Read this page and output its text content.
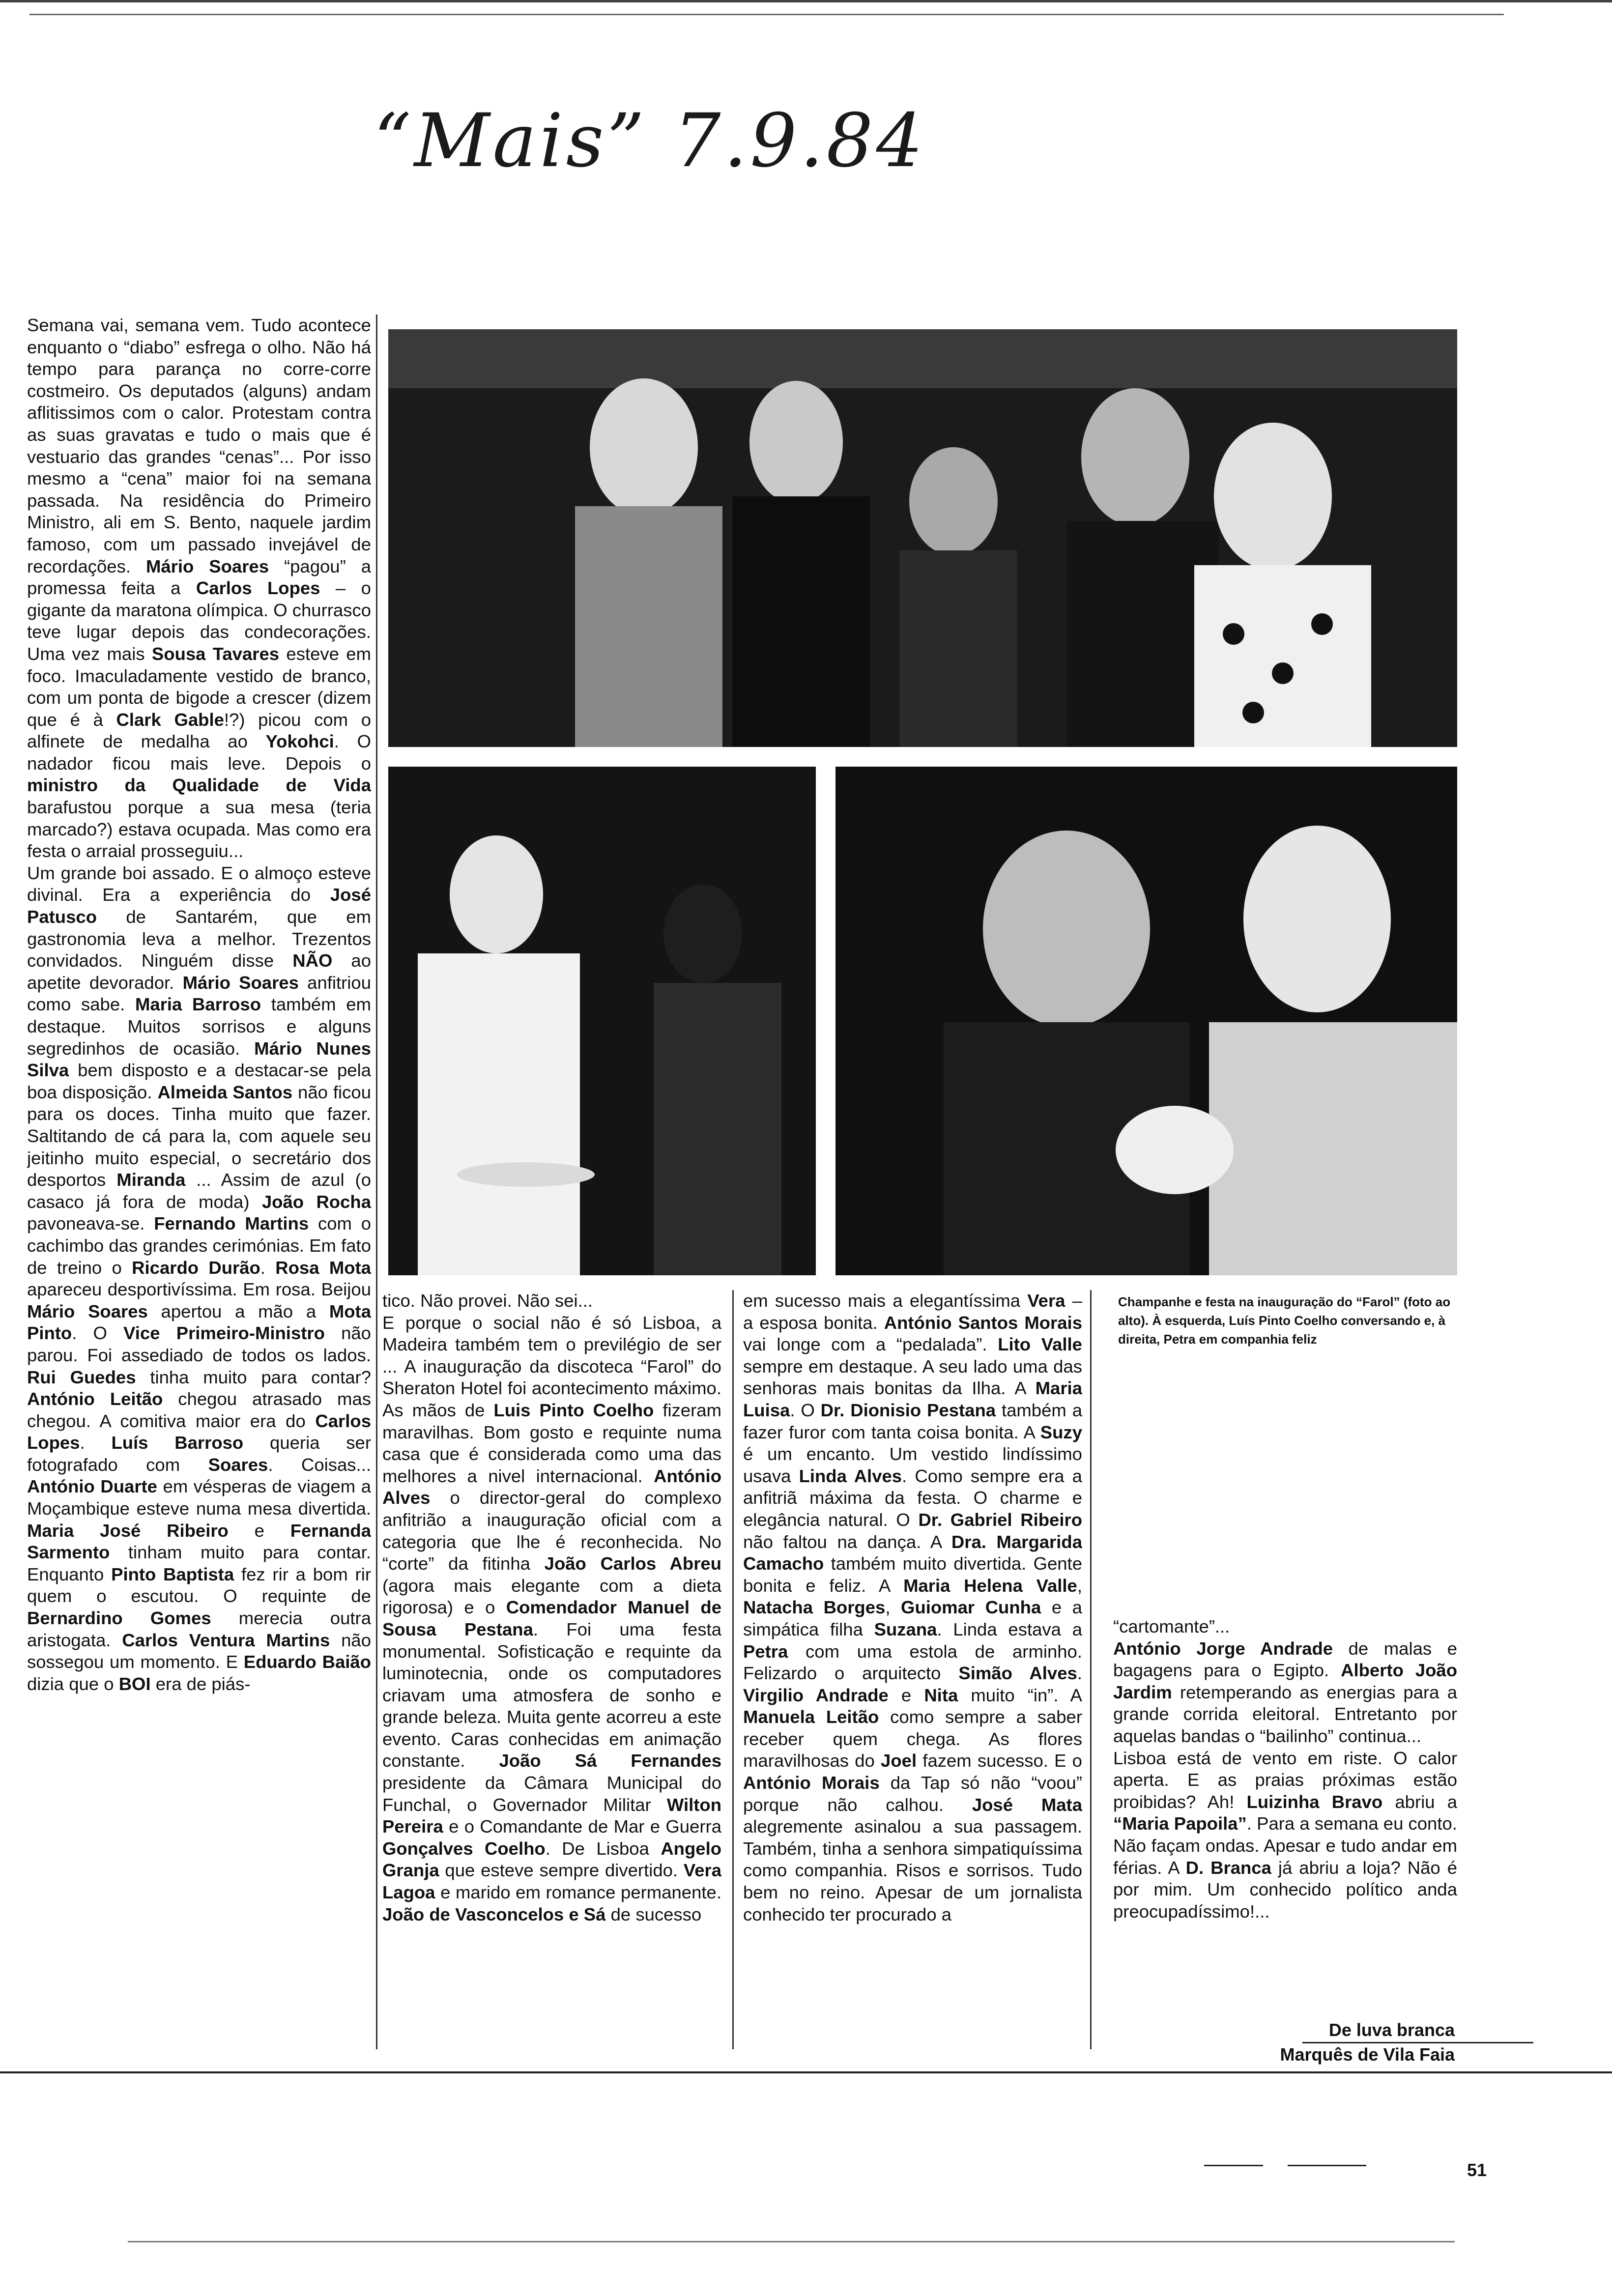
“Mais” 7.9.84
Semana vai, semana vem. Tudo acontece enquanto o “diabo” esfrega o olho. Não há tempo para parança no corre-corre costmeiro. Os deputados (alguns) andam aflitissimos com o calor. Protestam contra as suas gravatas e tudo o mais que é vestuario das grandes “cenas”... Por isso mesmo a “cena” maior foi na semana passada. Na residência do Primeiro Ministro, ali em S. Bento, naquele jardim famoso, com um passado invejável de recordações. Mário Soares “pagou” a promessa feita a Carlos Lopes – o gigante da maratona olímpica. O churrasco teve lugar depois das condecorações. Uma vez mais Sousa Tavares esteve em foco. Imaculadamente vestido de branco, com um ponta de bigode a crescer (dizem que é à Clark Gable!?) picou com o alfinete de medalha ao Yokohci. O nadador ficou mais leve. Depois o ministro da Qualidade de Vida barafustou porque a sua mesa (teria marcado?) estava ocupada. Mas como era festa o arraial prosseguiu...
Um grande boi assado. E o almoço esteve divinal. Era a experiência do José Patusco de Santarém, que em gastronomia leva a melhor. Trezentos convidados. Ninguém disse NÃO ao apetite devorador. Mário Soares anfitriou como sabe. Maria Barroso também em destaque. Muitos sorrisos e alguns segredinhos de ocasião. Mário Nunes Silva bem disposto e a destacar-se pela boa disposição. Almeida Santos não ficou para os doces. Tinha muito que fazer. Saltitando de cá para la, com aquele seu jeitinho muito especial, o secretário dos desportos Miranda ... Assim de azul (o casaco já fora de moda) João Rocha pavoneava-se. Fernando Martins com o cachimbo das grandes cerimónias. Em fato de treino o Ricardo Durão. Rosa Mota apareceu desportivíssima. Em rosa. Beijou Mário Soares apertou a mão a Mota Pinto. O Vice Primeiro-Ministro não parou. Foi assediado de todos os lados. Rui Guedes tinha muito para contar? António Leitão chegou atrasado mas chegou. A comitiva maior era do Carlos Lopes. Luís Barroso queria ser fotografado com Soares. Coisas... António Duarte em vésperas de viagem a Moçambique esteve numa mesa divertida. Maria José Ribeiro e Fernanda Sarmento tinham muito para contar. Enquanto Pinto Baptista fez rir a bom rir quem o escutou. O requinte de Bernardino Gomes merecia outra aristogata. Carlos Ventura Martins não sossegou um momento. E Eduardo Baião dizia que o BOI era de piás-
tico. Não provei. Não sei...
E porque o social não é só Lisboa, a Madeira também tem o previlégio de ser ... A inauguração da discoteca “Farol” do Sheraton Hotel foi acontecimento máximo. As mãos de Luis Pinto Coelho fizeram maravilhas. Bom gosto e requinte numa casa que é considerada como uma das melhores a nivel internacional. António Alves o director-geral do complexo anfitrião a inauguração oficial com a categoria que lhe é reconhecida. No “corte” da fitinha João Carlos Abreu (agora mais elegante com a dieta rigorosa) e o Comendador Manuel de Sousa Pestana. Foi uma festa monumental. Sofisticação e requinte da luminotecnia, onde os computadores criavam uma atmosfera de sonho e grande beleza. Muita gente acorreu a este evento. Caras conhecidas em animação constante. João Sá Fernandes presidente da Câmara Municipal do Funchal, o Governador Militar Wilton Pereira e o Comandante de Mar e Guerra Gonçalves Coelho. De Lisboa Angelo Granja que esteve sempre divertido. Vera Lagoa e marido em romance permanente. João de Vasconcelos e Sá de sucesso
em sucesso mais a elegantíssima Vera – a esposa bonita. António Santos Morais vai longe com a “pedalada”. Lito Valle sempre em destaque. A seu lado uma das senhoras mais bonitas da Ilha. A Maria Luisa. O Dr. Dionisio Pestana também a fazer furor com tanta coisa bonita. A Suzy é um encanto. Um vestido lindíssimo usava Linda Alves. Como sempre era a anfitriã máxima da festa. O charme e elegância natural. O Dr. Gabriel Ribeiro não faltou na dança. A Dra. Margarida Camacho também muito divertida. Gente bonita e feliz. A Maria Helena Valle, Natacha Borges, Guiomar Cunha e a simpática filha Suzana. Linda estava a Petra com uma estola de arminho. Felizardo o arquitecto Simão Alves. Virgilio Andrade e Nita muito “in”. A Manuela Leitão como sempre a saber receber quem chega. As flores maravilhosas do Joel fazem sucesso. E o António Morais da Tap só não “voou” porque não calhou. José Mata alegremente asinalou a sua passagem. Também, tinha a senhora simpatiquíssima como companhia. Risos e sorrisos. Tudo bem no reino. Apesar de um jornalista conhecido ter procurado a
Champanhe e festa na inauguração do “Farol” (foto ao alto). À esquerda, Luís Pinto Coelho conversando e, à direita, Petra em companhia feliz
“cartomante”...
António Jorge Andrade de malas e bagagens para o Egipto. Alberto João Jardim retemperando as energias para a grande corrida eleitoral. Entretanto por aquelas bandas o “bailinho” continua...
Lisboa está de vento em riste. O calor aperta. E as praias próximas estão proibidas? Ah! Luizinha Bravo abriu a “Maria Papoila”. Para a semana eu conto.
Não façam ondas. Apesar e tudo andar em férias. A D. Branca já abriu a loja? Não é por mim. Um conhecido político anda preocupadíssimo!...
De luva branca
Marquês de Vila Faia
51
